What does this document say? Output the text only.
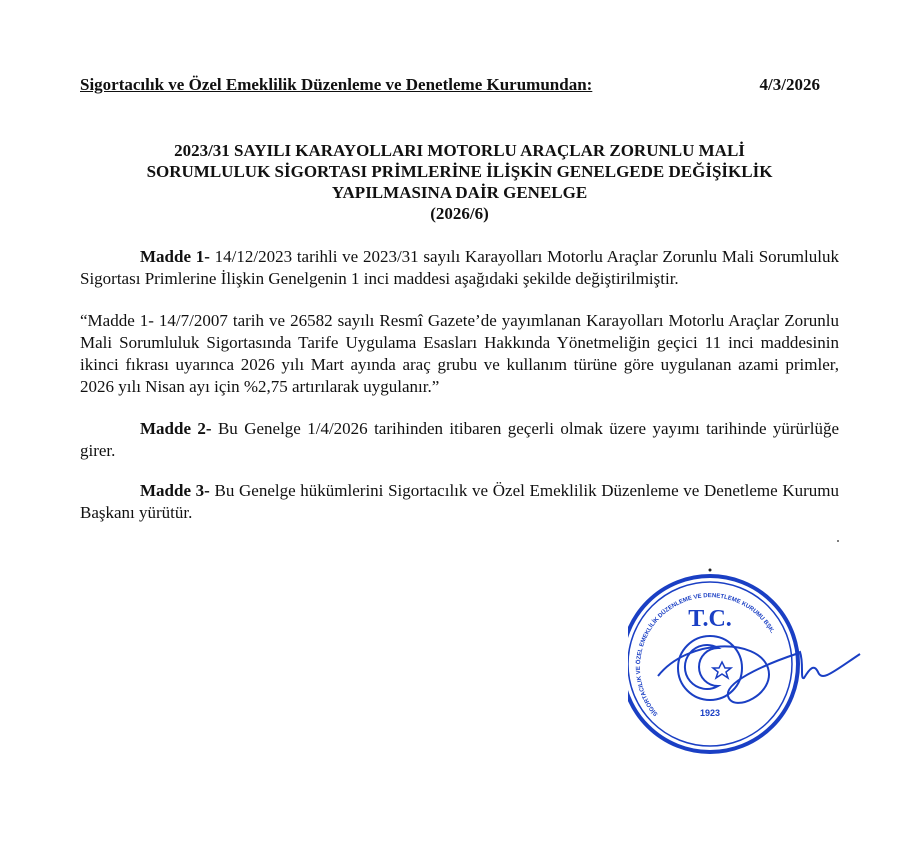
Sigortacılık ve Özel Emeklilik Düzenleme ve Denetleme Kurumundan:	4/3/2026
2023/31 SAYILI KARAYOLLARI MOTORLU ARAÇLAR ZORUNLU MALİ
SORUMLULUK SİGORTASI PRİMLERİNE İLİŞKİN GENELGEDE DEĞİŞİKLİK
YAPILMASINA DAİR GENELGE
(2026/6)
Madde 1- 14/12/2023 tarihli ve 2023/31 sayılı Karayolları Motorlu Araçlar Zorunlu Mali Sorumluluk Sigortası Primlerine İlişkin Genelgenin 1 inci maddesi aşağıdaki şekilde değiştirilmiştir.
“Madde 1- 14/7/2007 tarih ve 26582 sayılı Resmî Gazete’de yayımlanan Karayolları Motorlu Araçlar Zorunlu Mali Sorumluluk Sigortasında Tarife Uygulama Esasları Hakkında Yönetmeliğin geçici 11 inci maddesinin ikinci fıkrası uyarınca 2026 yılı Mart ayında araç grubu ve kullanım türüne göre uygulanan azami primler, 2026 yılı Nisan ayı için %2,75 artırılarak uygulanır.”
Madde 2- Bu Genelge 1/4/2026 tarihinden itibaren geçerli olmak üzere yayımı tarihinde yürürlüğe girer.
Madde 3- Bu Genelge hükümlerini Sigortacılık ve Özel Emeklilik Düzenleme ve Denetleme Kurumu Başkanı yürütür.
T.C.
1923
SİGORTACILIK VE ÖZEL EMEKLİLİK DÜZENLEME VE DENETLEME KURUMU BŞK.
